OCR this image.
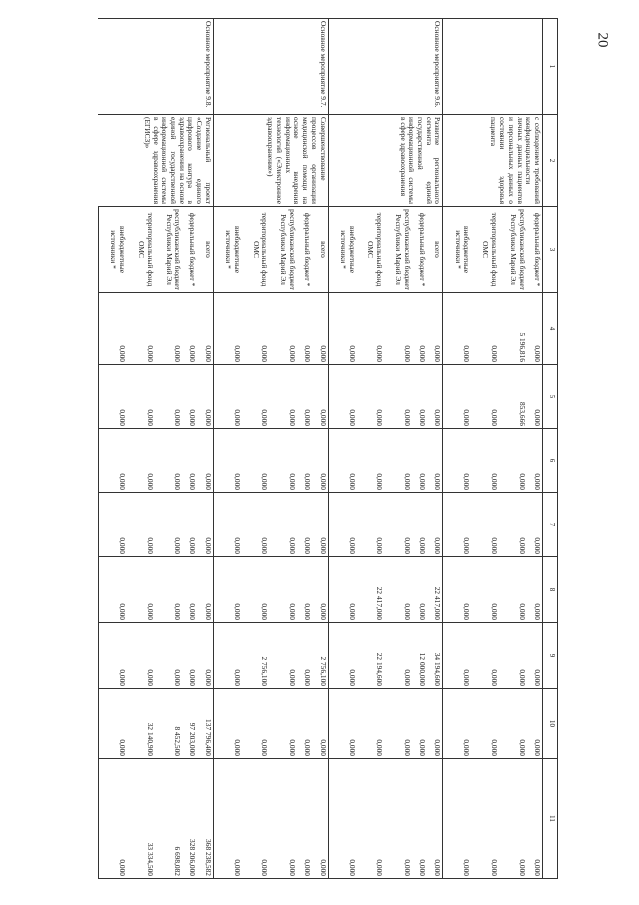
20
1	2	3	4	5	6	7	8	9	10	11
	с соблюдением требований конфиденциальности личных данных пациентов и персональных данных о состоянии здоровья пациента	федеральный бюджет *	0,000	0,000	0,000	0,000	0,000	0,000	0,000	0,000
		республиканский бюджет Республики Марий Эл	5 196,816	853,666	0,000	0,000	0,000	0,000	0,000	0,000
		территориальный фонд ОМС	0,000	0,000	0,000	0,000	0,000	0,000	0,000	0,000
		внебюджетные источники *	0,000	0,000	0,000	0,000	0,000	0,000	0,000	0,000
Основное мероприятие 9.6.	Развитие регионального сегмента единой государственной информационной системы в сфере здравоохранения	всего	0,000	0,000	0,000	0,000	22 417,000	34 194,600	0,000	0,000
		федеральный бюджет *	0,000	0,000	0,000	0,000	0,000	12 000,000	0,000	0,000
		республиканский бюджет Республики Марий Эл	0,000	0,000	0,000	0,000	0,000	0,000	0,000	0,000
		территориальный фонд ОМС	0,000	0,000	0,000	0,000	22 417,000	22 194,600	0,000	0,000
		внебюджетные источники *	0,000	0,000	0,000	0,000	0,000	0,000	0,000	0,000
Основное мероприятие 9.7.	Совершенствование процессов организации медицинской помощи на основе внедрения информационных технологий («Электронное здравоохранение»)	всего	0,000	0,000	0,000	0,000	0,000	2 756,100	0,000	0,000
		федеральный бюджет *	0,000	0,000	0,000	0,000	0,000	0,000	0,000	0,000
		республиканский бюджет Республики Марий Эл	0,000	0,000	0,000	0,000	0,000	0,000	0,000	0,000
		территориальный фонд ОМС	0,000	0,000	0,000	0,000	0,000	2 756,100	0,000	0,000
		внебюджетные источники *	0,000	0,000	0,000	0,000	0,000	0,000	0,000	0,000
Основное мероприятие 9.8.	Региональный проект «Создание единого цифрового контура в здравоохранении на основе единой государственной информационной системы в сфере здравоохранения (ЕГИСЗ)»	всего	0,000	0,000	0,000	0,000	0,000	0,000	137 796,400	368 238,582
		федеральный бюджет *	0,000	0,000	0,000	0,000	0,000	0,000	97 203,000	328 206,000
		республиканский бюджет Республики Марий Эл	0,000	0,000	0,000	0,000	0,000	0,000	8 452,500	6 698,082
		территориальный фонд ОМС	0,000	0,000	0,000	0,000	0,000	0,000	32 140,900	33 334,500
		внебюджетные источники *	0,000	0,000	0,000	0,000	0,000	0,000	0,000	0,000
